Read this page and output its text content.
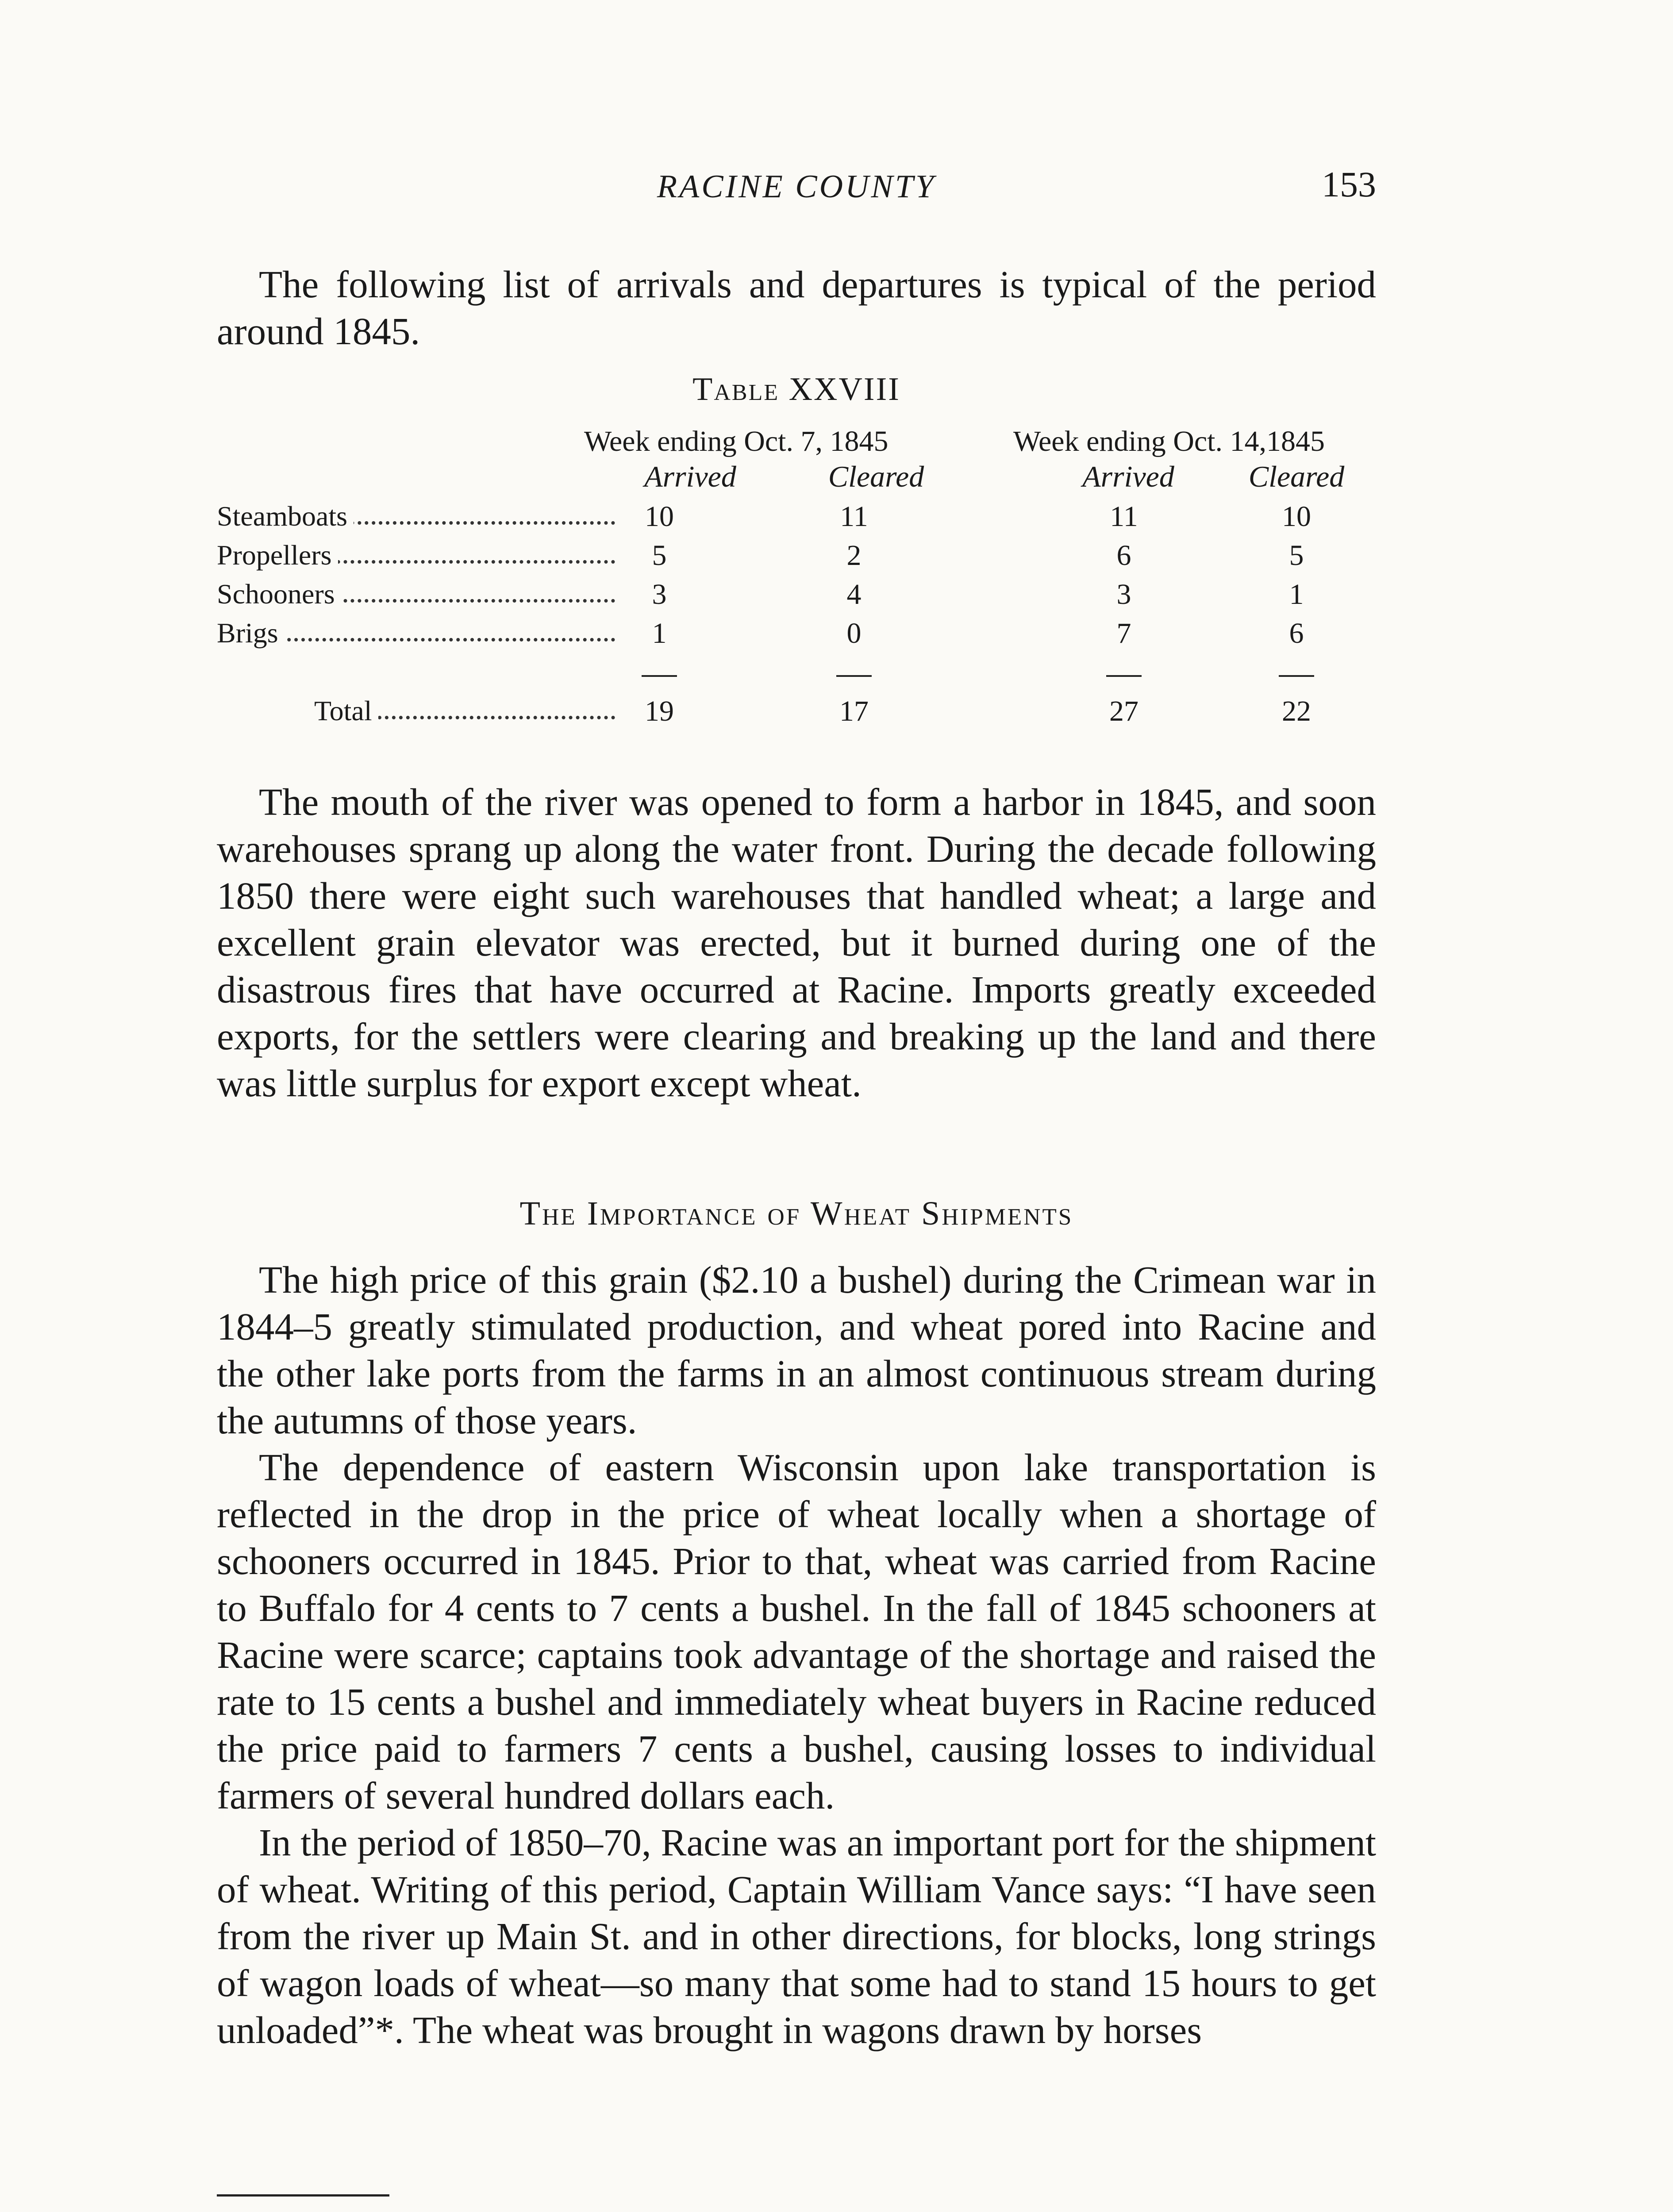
RACINE COUNTY	153

The following list of arrivals and departures is typical of the period around 1845.

Table XXVIII
Week ending Oct. 7, 1845	Week ending Oct. 14,1845
Arrived	Cleared	Arrived Cleared
Steamboats	10	11	11	10
Propellers	5	2	6	5
Schooners	3	4	3	1
Brigs	1	0	7	6
Total	19	17	27	22

The mouth of the river was opened to form a harbor in 1845, and soon warehouses sprang up along the water front. During the decade following 1850 there were eight such warehouses that handled wheat; a large and excellent grain elevator was erected, but it burned during one of the disastrous fires that have occurred at Racine. Imports greatly exceeded exports, for the settlers were clearing and breaking up the land and there was little surplus for export except wheat.

The Importance of Wheat Shipments

The high price of this grain ($2.10 a bushel) during the Crimean war in 1844–5 greatly stimulated production, and wheat pored into Racine and the other lake ports from the farms in an almost continuous stream during the autumns of those years.

The dependence of eastern Wisconsin upon lake transportation is reflected in the drop in the price of wheat locally when a shortage of schooners occurred in 1845. Prior to that, wheat was carried from Racine to Buffalo for 4 cents to 7 cents a bushel. In the fall of 1845 schooners at Racine were scarce; captains took advantage of the shortage and raised the rate to 15 cents a bushel and immediately wheat buyers in Racine reduced the price paid to farmers 7 cents a bushel, causing losses to individual farmers of several hundred dollars each.

In the period of 1850–70, Racine was an important port for the shipment of wheat. Writing of this period, Captain William Vance says: “I have seen from the river up Main St. and in other directions, for blocks, long strings of wagon loads of wheat—so many that some had to stand 15 hours to get unloaded”*. The wheat was brought in wagons drawn by horses
